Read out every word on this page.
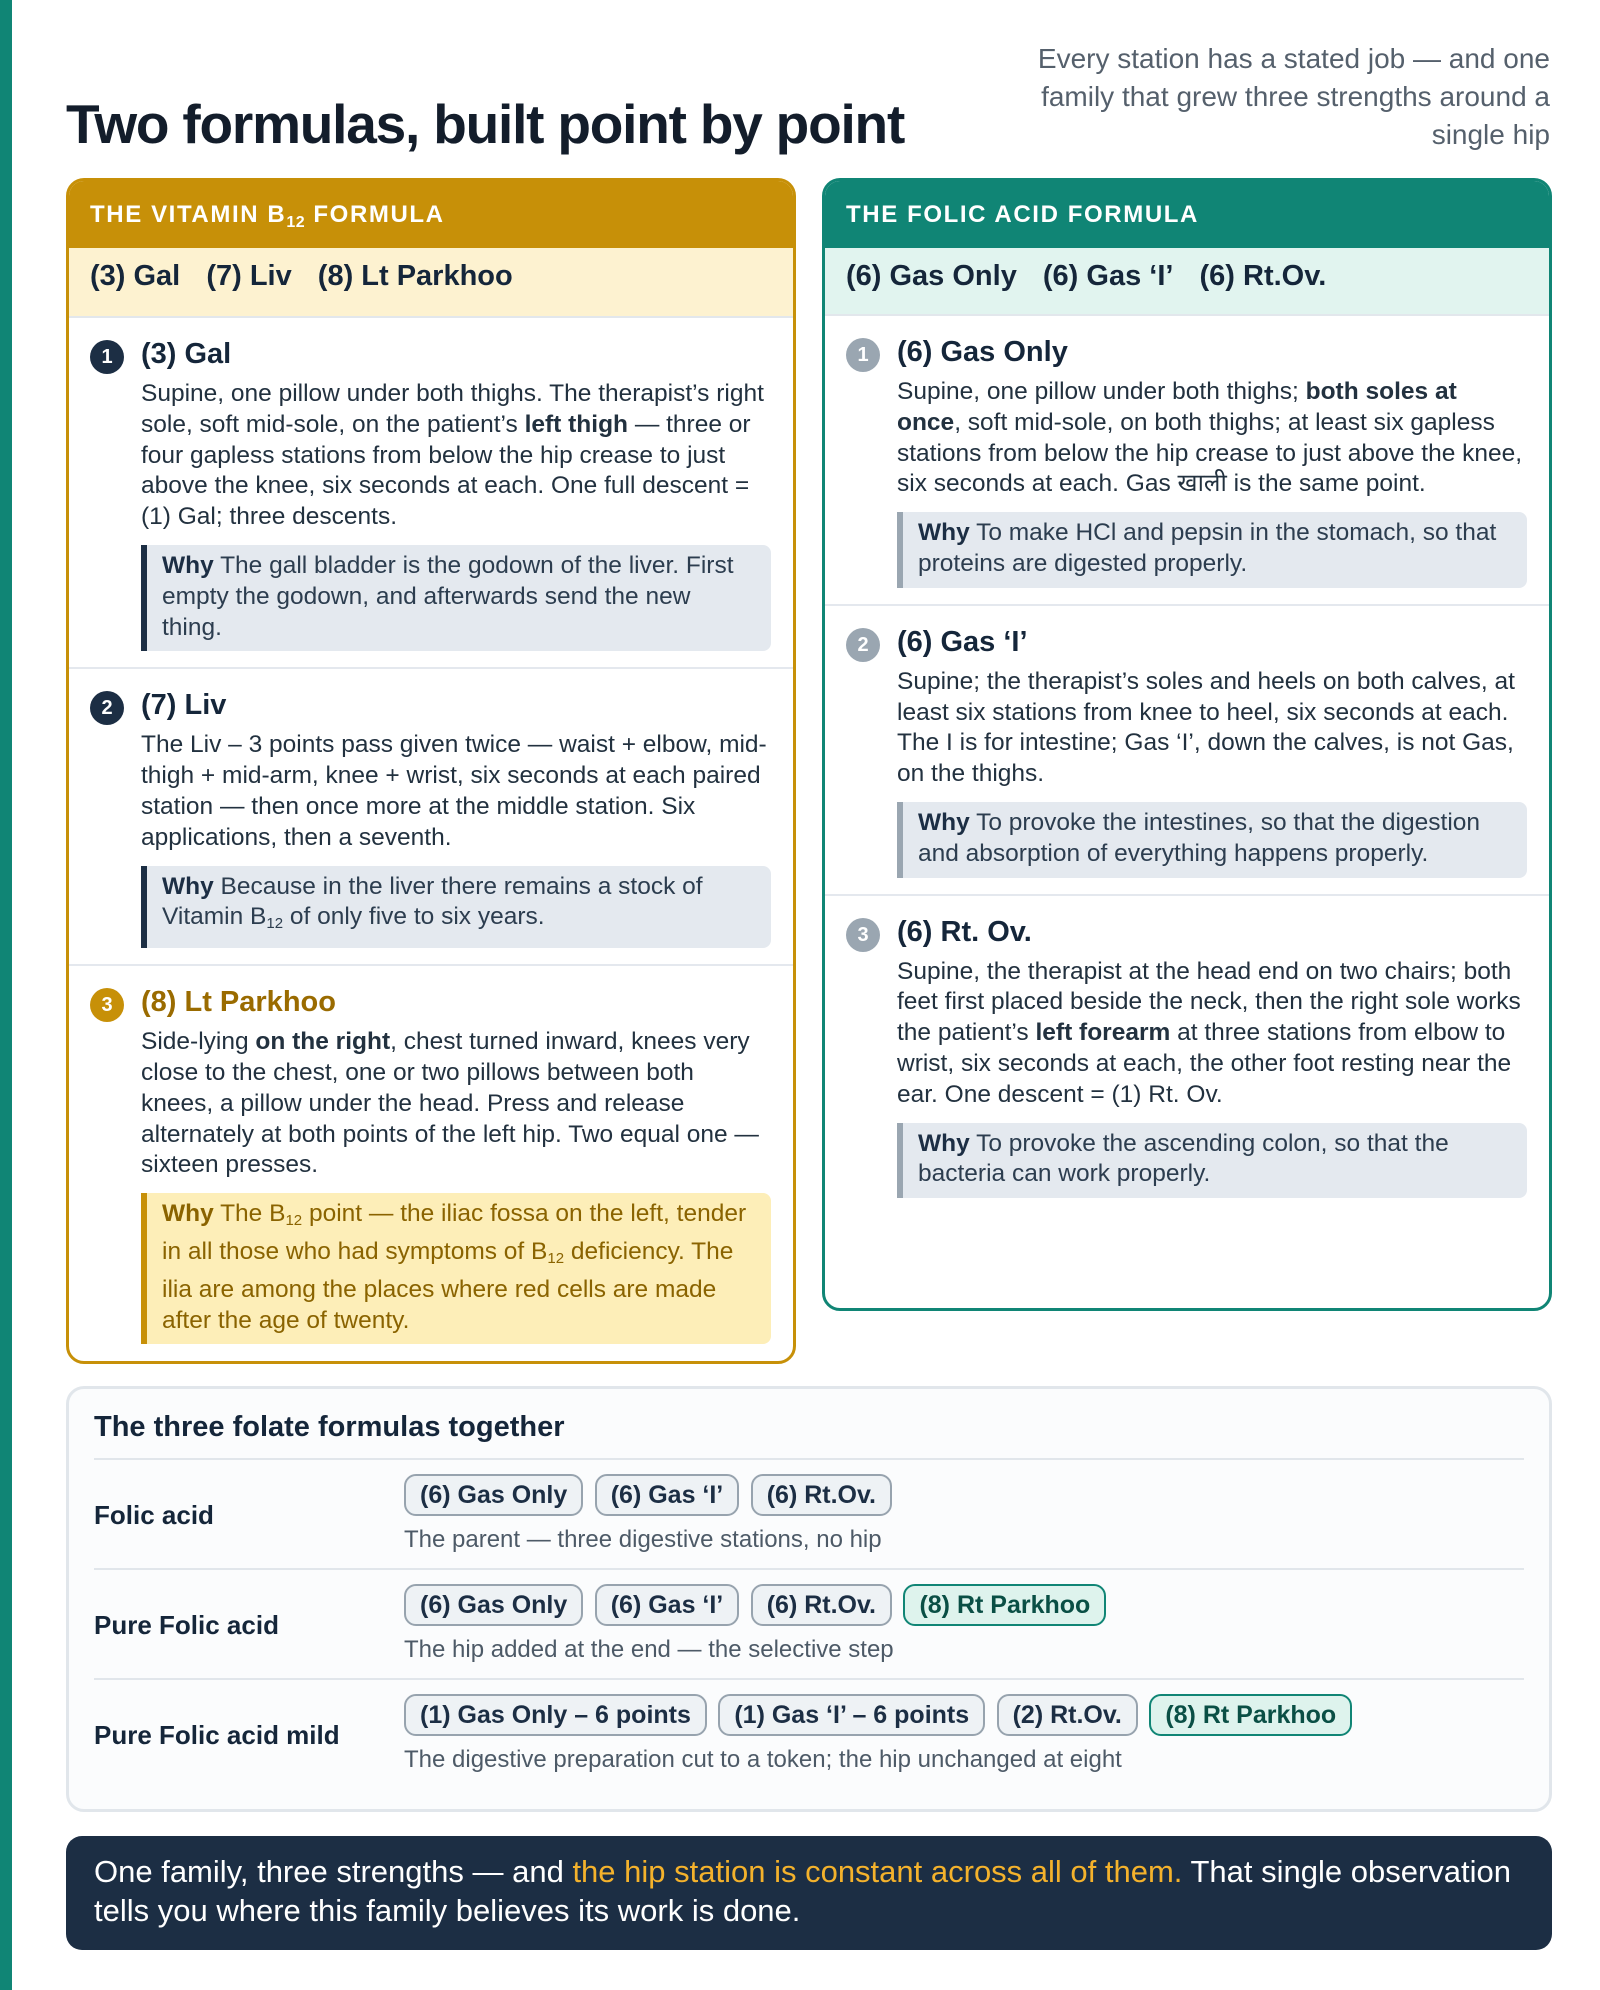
Two formulas, built point by point
Every station has a stated job — and one family that grew three strengths around a single hip
THE VITAMIN $B_{12}$ FORMULA
(3) Gal (7) Liv (8) Lt Parkhoo
1 (3) Gal

Supine, one pillow under both thighs. The therapist’s right sole, soft mid-sole, on the patient’s left thigh — three or four gapless stations from below the hip crease to just above the knee, six seconds at each. One full descent = (1) Gal; three descents.

Why The gall bladder is the godown of the liver. First empty the godown, and afterwards send the new thing.
2 (7) Liv

The Liv – 3 points pass given twice — waist + elbow, mid-thigh + mid-arm, knee + wrist, six seconds at each paired station — then once more at the middle station. Six applications, then a seventh.

Why Because in the liver there remains a stock of Vitamin $B_{12}$ of only five to six years.
3 (8) Lt Parkhoo

Side-lying on the right, chest turned inward, knees very close to the chest, one or two pillows between both knees, a pillow under the head. Press and release alternately at both points of the left hip. Two equal one — sixteen presses.

Why The $B_{12}$ point — the iliac fossa on the left, tender in all those who had symptoms of $B_{12}$ deficiency. The ilia are among the places where red cells are made after the age of twenty.
THE FOLIC ACID FORMULA
(6) Gas Only (6) Gas ‘I’ (6) Rt.Ov.
1 (6) Gas Only

Supine, one pillow under both thighs; both soles at once, soft mid-sole, on both thighs; at least six gapless stations from below the hip crease to just above the knee, six seconds at each. Gas खाली is the same point.

Why To make HCl and pepsin in the stomach, so that proteins are digested properly.
2 (6) Gas ‘I’

Supine; the therapist’s soles and heels on both calves, at least six stations from knee to heel, six seconds at each. The I is for intestine; Gas ‘I’, down the calves, is not Gas, on the thighs.

Why To provoke the intestines, so that the digestion and absorption of everything happens properly.
3 (6) Rt. Ov.

Supine, the therapist at the head end on two chairs; both feet first placed beside the neck, then the right sole works the patient’s left forearm at three stations from elbow to wrist, six seconds at each, the other foot resting near the ear. One descent = (1) Rt. Ov.

Why To provoke the ascending colon, so that the bacteria can work properly.
The three folate formulas together
Folic acid
(6) Gas Only (6) Gas ‘I’ (6) Rt.Ov.
The parent — three digestive stations, no hip
Pure Folic acid
(6) Gas Only (6) Gas ‘I’ (6) Rt.Ov. (8) Rt Parkhoo
The hip added at the end — the selective step
Pure Folic acid mild
(1) Gas Only – 6 points (1) Gas ‘I’ – 6 points (2) Rt.Ov. (8) Rt Parkhoo
The digestive preparation cut to a token; the hip unchanged at eight
One family, three strengths — and the hip station is constant across all of them. That single observation tells you where this family believes its work is done.
